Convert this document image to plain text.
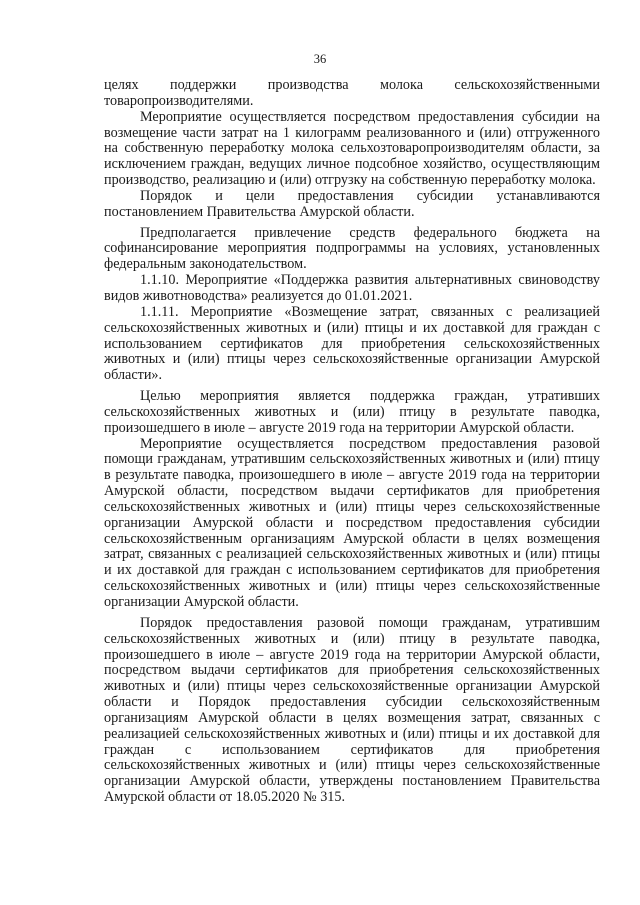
36

целях поддержки производства молока сельскохозяйственными товаропроизводителями.

Мероприятие осуществляется посредством предоставления субсидии на возмещение части затрат на 1 килограмм реализованного и (или) отгруженного на собственную переработку молока сельхозтоваропроизводителям области, за исключением граждан, ведущих личное подсобное хозяйство, осуществляющим производство, реализацию и (или) отгрузку на собственную переработку молока.

Порядок и цели предоставления субсидии устанавливаются постановлением Правительства Амурской области.

Предполагается привлечение средств федерального бюджета на софинансирование мероприятия подпрограммы на условиях, установленных федеральным законодательством.

1.1.10. Мероприятие «Поддержка развития альтернативных свиноводству видов животноводства» реализуется до 01.01.2021.

1.1.11. Мероприятие «Возмещение затрат, связанных с реализацией сельскохозяйственных животных и (или) птицы и их доставкой для граждан с использованием сертификатов для приобретения сельскохозяйственных животных и (или) птицы через сельскохозяйственные организации Амурской области».

Целью мероприятия является поддержка граждан, утративших сельскохозяйственных животных и (или) птицу в результате паводка, произошедшего в июле – августе 2019 года на территории Амурской области.

Мероприятие осуществляется посредством предоставления разовой помощи гражданам, утратившим сельскохозяйственных животных и (или) птицу в результате паводка, произошедшего в июле – августе 2019 года на территории Амурской области, посредством выдачи сертификатов для приобретения сельскохозяйственных животных и (или) птицы через сельскохозяйственные организации Амурской области и посредством предоставления субсидии сельскохозяйственным организациям Амурской области в целях возмещения затрат, связанных с реализацией сельскохозяйственных животных и (или) птицы и их доставкой для граждан с использованием сертификатов для приобретения сельскохозяйственных животных и (или) птицы через сельскохозяйственные организации Амурской области.

Порядок предоставления разовой помощи гражданам, утратившим сельскохозяйственных животных и (или) птицу в результате паводка, произошедшего в июле – августе 2019 года на территории Амурской области, посредством выдачи сертификатов для приобретения сельскохозяйственных животных и (или) птицы через сельскохозяйственные организации Амурской области и Порядок предоставления субсидии сельскохозяйственным организациям Амурской области в целях возмещения затрат, связанных с реализацией сельскохозяйственных животных и (или) птицы и их доставкой для граждан с использованием сертификатов для приобретения сельскохозяйственных животных и (или) птицы через сельскохозяйственные организации Амурской области, утверждены постановлением Правительства Амурской области от 18.05.2020 № 315.
